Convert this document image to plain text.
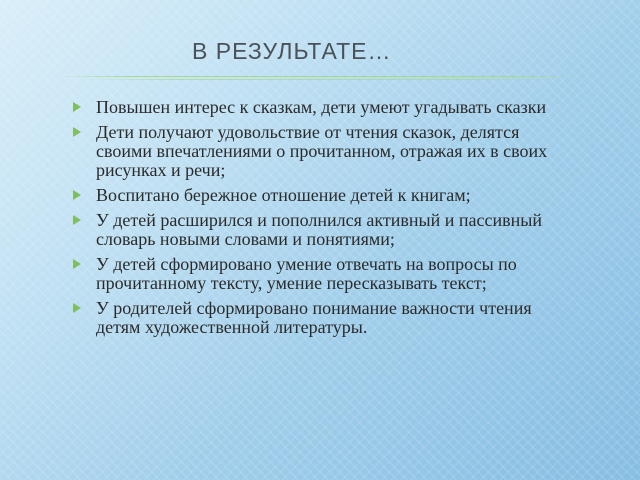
В РЕЗУЛЬТАТЕ…
Повышен интерес к сказкам, дети умеют угадывать сказки
Дети получают удовольствие от чтения сказок, делятся своими впечатлениями о прочитанном, отражая их в своих рисунках и речи;
Воспитано бережное отношение детей к книгам;
У детей расширился и пополнился активный и пассивный словарь новыми словами и понятиями;
У детей сформировано умение отвечать на вопросы по прочитанному тексту, умение пересказывать текст;
У родителей сформировано понимание важности чтения детям художественной литературы.
